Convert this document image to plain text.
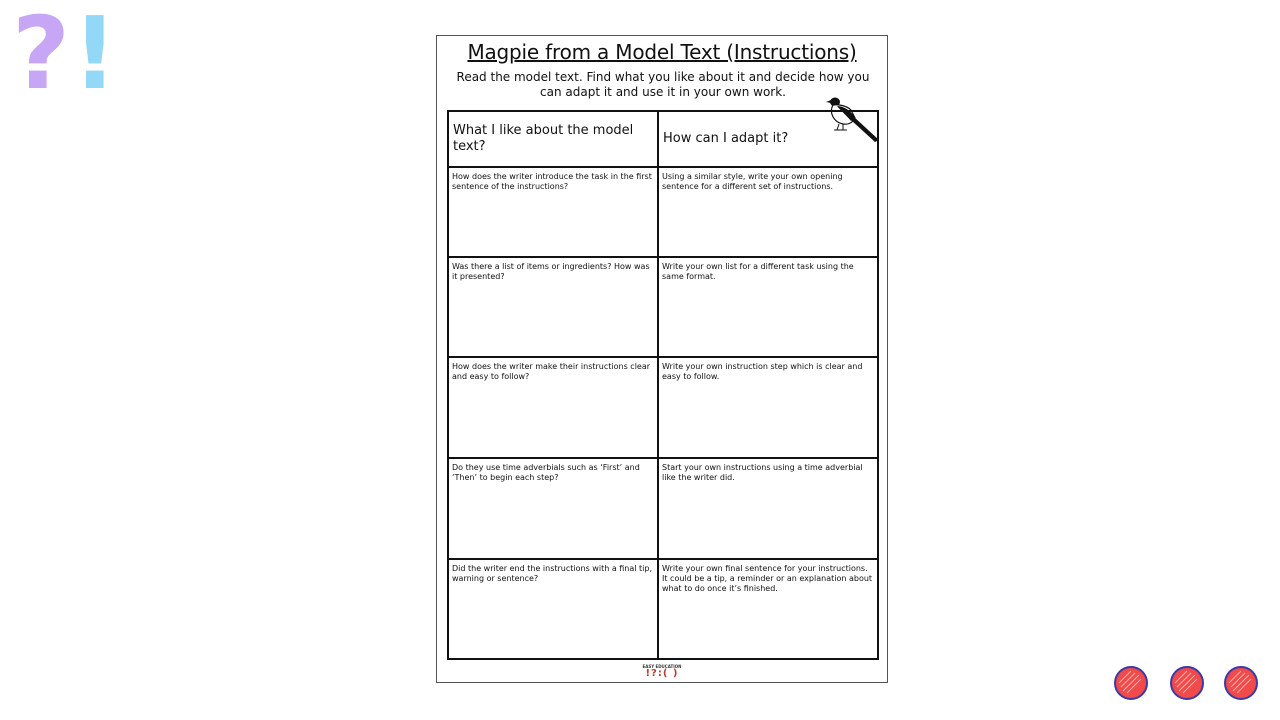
?!	Magpie from a Model Text (Instructions)
Read the model text. Find what you like about it and decide how you can adapt it and use it in your own work.
What I like about the model text?
How can I adapt it?
How does the writer introduce the task in the first sentence of the instructions?
Using a similar style, write your own opening sentence for a different set of instructions.
Was there a list of items or ingredients? How was it presented?
Write your own list for a different task using the same format.
How does the writer make their instructions clear and easy to follow?
Write your own instruction step which is clear and easy to follow.
Do they use time adverbials such as ‘First’ and ‘Then’ to begin each step?
Start your own instructions using a time adverbial like the writer did.
Did the writer end the instructions with a final tip, warning or sentence?
Write your own final sentence for your instructions. It could be a tip, a reminder or an explanation about what to do once it’s finished.
EASY EDUCATION
!?:( )
